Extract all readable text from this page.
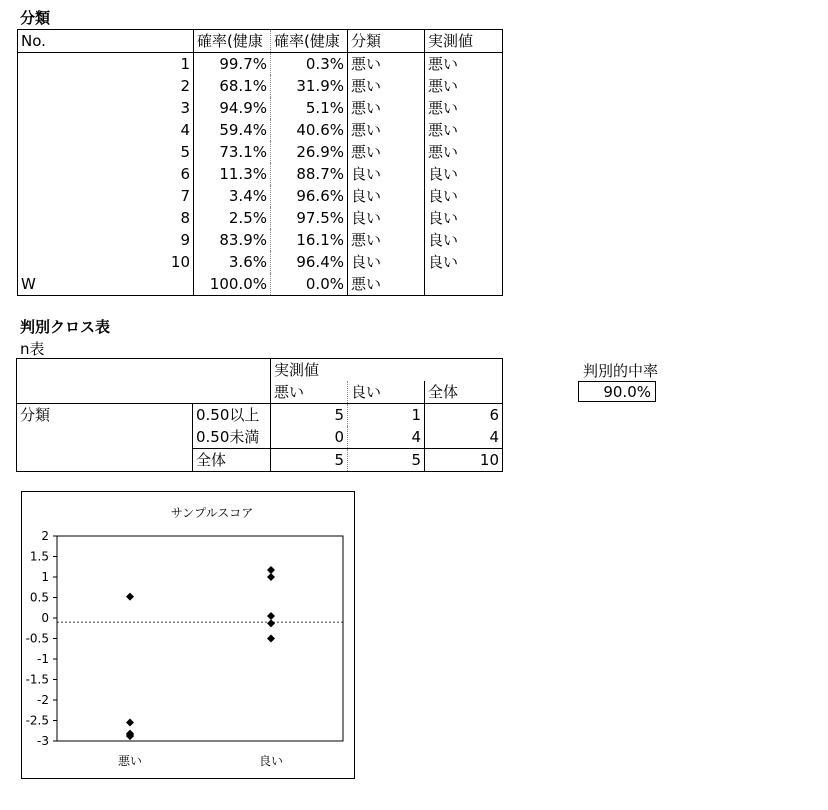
分類
No.	確率(健康	確率(健康	分類	実測値
1	99.7%	0.3%	悪い	悪い
2	68.1%	31.9%	悪い	悪い
3	94.9%	5.1%	悪い	悪い
4	59.4%	40.6%	悪い	悪い
5	73.1%	26.9%	悪い	悪い
6	11.3%	88.7%	良い	良い
7	3.4%	96.6%	良い	良い
8	2.5%	97.5%	良い	良い
9	83.9%	16.1%	悪い	良い
10	3.6%	96.4%	良い	良い
W	100.0%	0.0%	悪い	
判別クロス表
n表
		実測値		
		悪い	良い	全体
分類	0.50以上	5	1	6
	0.50未満	0	4	4
	全体	5	5	10
判別的中率
90.0%
サンプルスコア
-3
-2.5
-2
-1.5
-1
-0.5
0
0.5
1
1.5
2
悪い	良い
